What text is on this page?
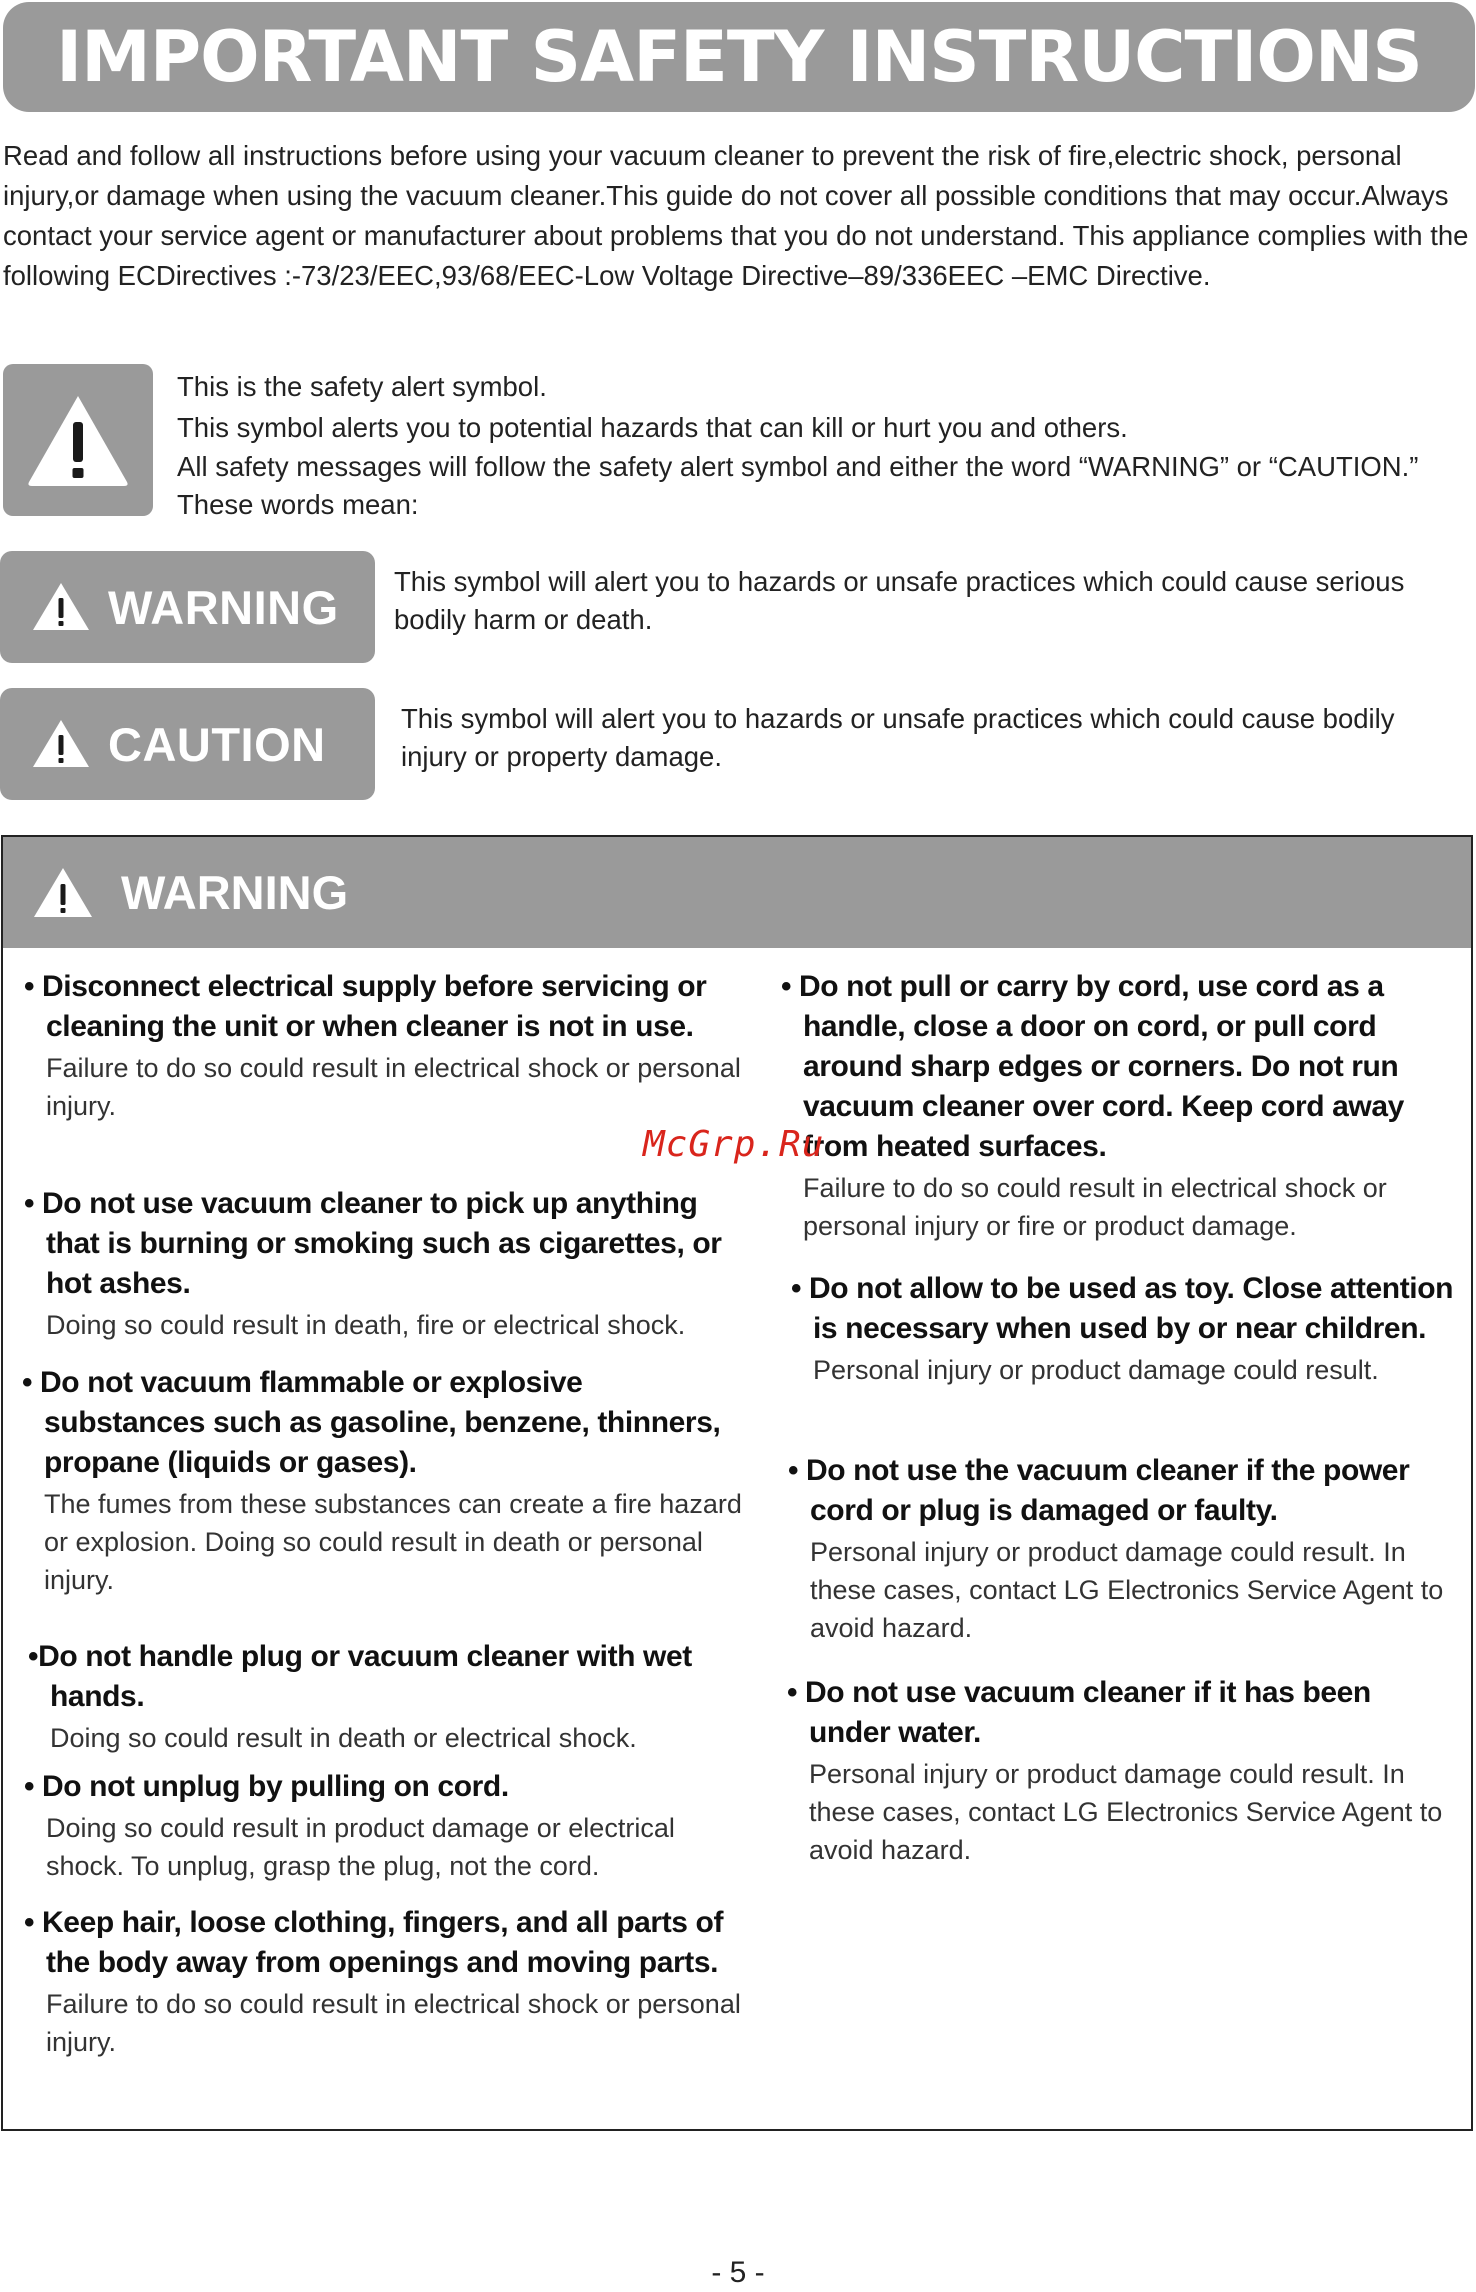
IMPORTANT SAFETY INSTRUCTIONS

Read and follow all instructions before using your vacuum cleaner to prevent the risk of fire,electric shock, personal injury,or damage when using the vacuum cleaner.This guide do not cover all possible conditions that may occur.Always contact your service agent or manufacturer about problems that you do not understand. This appliance complies with the following ECDirectives :-73/23/EEC,93/68/EEC-Low Voltage Directive–89/336EEC –EMC Directive.

This is the safety alert symbol.

This symbol alerts you to potential hazards that can kill or hurt you and others.

All safety messages will follow the safety alert symbol and either the word “WARNING” or “CAUTION.” These words mean:

WARNING This symbol will alert you to hazards or unsafe practices which could cause serious bodily harm or death.

CAUTION	This symbol will alert you to hazards or unsafe practices which could cause bodily injury or property damage.

WARNING

• Disconnect electrical supply before servicing or cleaning the unit or when cleaner is not in use.

Failure to do so could result in electrical shock or personal injury.

• Do not use vacuum cleaner to pick up anything that is burning or smoking such as cigarettes, or hot ashes.

Doing so could result in death, fire or electrical shock.

• Do not vacuum flammable or explosive substances such as gasoline, benzene, thinners, propane (liquids or gases).

The fumes from these substances can create a fire hazard or explosion. Doing so could result in death or personal injury.

•Do not handle plug or vacuum cleaner with wet hands.

Doing so could result in death or electrical shock.

• Do not unplug by pulling on cord.

Doing so could result in product damage or electrical shock. To unplug, grasp the plug, not the cord.

• Keep hair, loose clothing, fingers, and all parts of the body away from openings and moving parts.

Failure to do so could result in electrical shock or personal injury.

• Do not pull or carry by cord, use cord as a handle, close a door on cord, or pull cord around sharp edges or corners. Do not run vacuum cleaner over cord. Keep cord away from heated surfaces.

Failure to do so could result in electrical shock or personal injury or fire or product damage.

• Do not allow to be used as toy. Close attention is necessary when used by or near children.

Personal injury or product damage could result.

• Do not use the vacuum cleaner if the power cord or plug is damaged or faulty.

Personal injury or product damage could result. In these cases, contact LG Electronics Service Agent to avoid hazard.

• Do not use vacuum cleaner if it has been under water.

Personal injury or product damage could result. In these cases, contact LG Electronics Service Agent to avoid hazard.

McGrp.Ru
- 5 -
